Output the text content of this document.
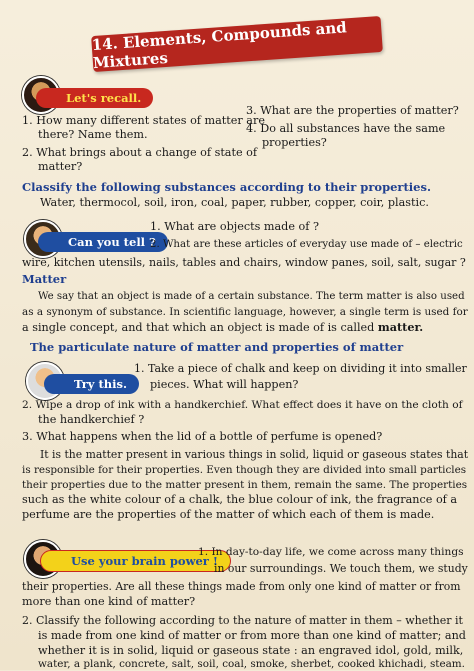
14. Elements, Compounds and Mixtures
Let's recall.
1. How many different states of matter are
there? Name them.
2. What brings about a change of state of
matter?
3. What are the properties of matter?
4. Do all substances have the same
properties?
Classify the following substances according to their properties.
Water, thermocol, soil, iron, coal, paper, rubber, copper, coir, plastic.
Can you tell ?
1. What are objects made of ?
2. What are these articles of everyday use made of – electric
wire, kitchen utensils, nails, tables and chairs, window panes, soil, salt, sugar ?
Matter
We say that an object is made of a certain substance. The term matter is also used
as a synonym of substance. In scientific language, however, a single term is used for
a single concept, and that which an object is made of is called matter.
The particulate nature of matter and properties of matter
Try this.
1. Take a piece of chalk and keep on dividing it into smaller
pieces. What will happen?
2. Wipe a drop of ink with a handkerchief. What effect does it have on the cloth of
the handkerchief ?
3. What happens when the lid of a bottle of perfume is opened?
It is the matter present in various things in solid, liquid or gaseous states that
is responsible for their properties. Even though they are divided into small particles
their properties due to the matter present in them, remain the same. The properties
such as the white colour of a chalk, the blue colour of ink, the fragrance of a
perfume are the properties of the matter of which each of them is made.
Use your brain power !
1. In day-to-day life, we come across many things
in our surroundings. We touch them, we study
their properties. Are all these things made from only one kind of matter or from
more than one kind of matter?
2. Classify the following according to the nature of matter in them – whether it
is made from one kind of matter or from more than one kind of matter; and
whether it is in solid, liquid or gaseous state : an engraved idol, gold, milk,
water, a plank, concrete, salt, soil, coal, smoke, sherbet, cooked khichadi, steam.
